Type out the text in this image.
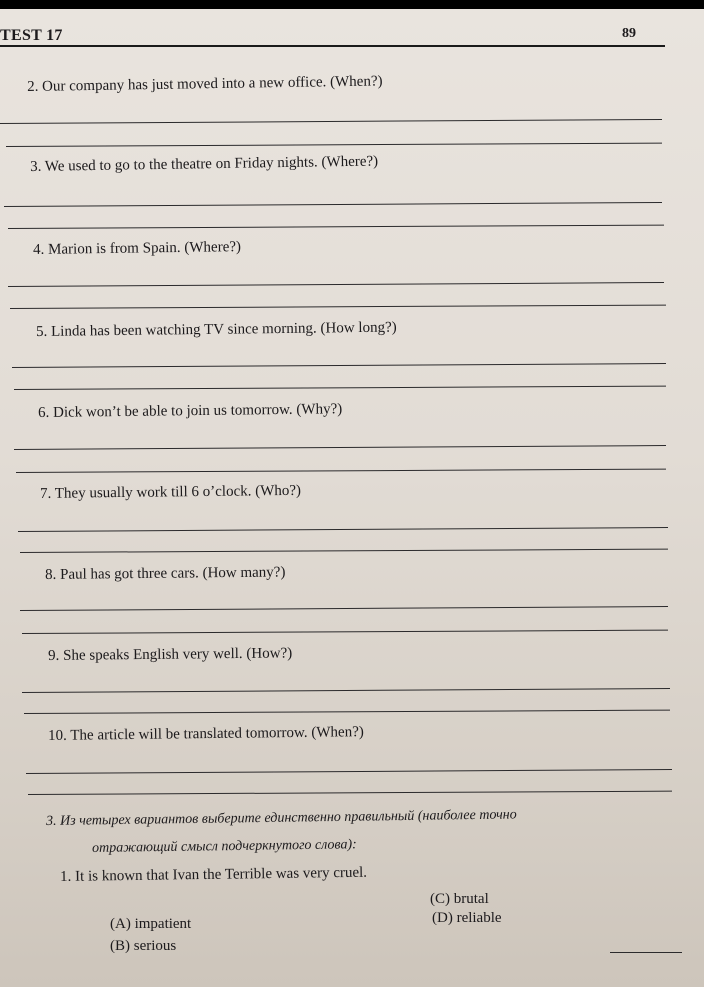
TEST 17	89
2. Our company has just moved into a new office. (When?)
3. We used to go to the theatre on Friday nights. (Where?)
4. Marion is from Spain. (Where?)
5. Linda has been watching TV since morning. (How long?)
6. Dick won’t be able to join us tomorrow. (Why?)
7. They usually work till 6 o’clock. (Who?)
8. Paul has got three cars. (How many?)
9. She speaks English very well. (How?)
10. The article will be translated tomorrow. (When?)
3. Из четырех вариантов выберите единственно правильный (наиболее точно
отражающий смысл подчеркнутого слова):
1. It is known that Ivan the Terrible was very cruel.
(C) brutal
(A) impatient	(D) reliable
(B) serious
